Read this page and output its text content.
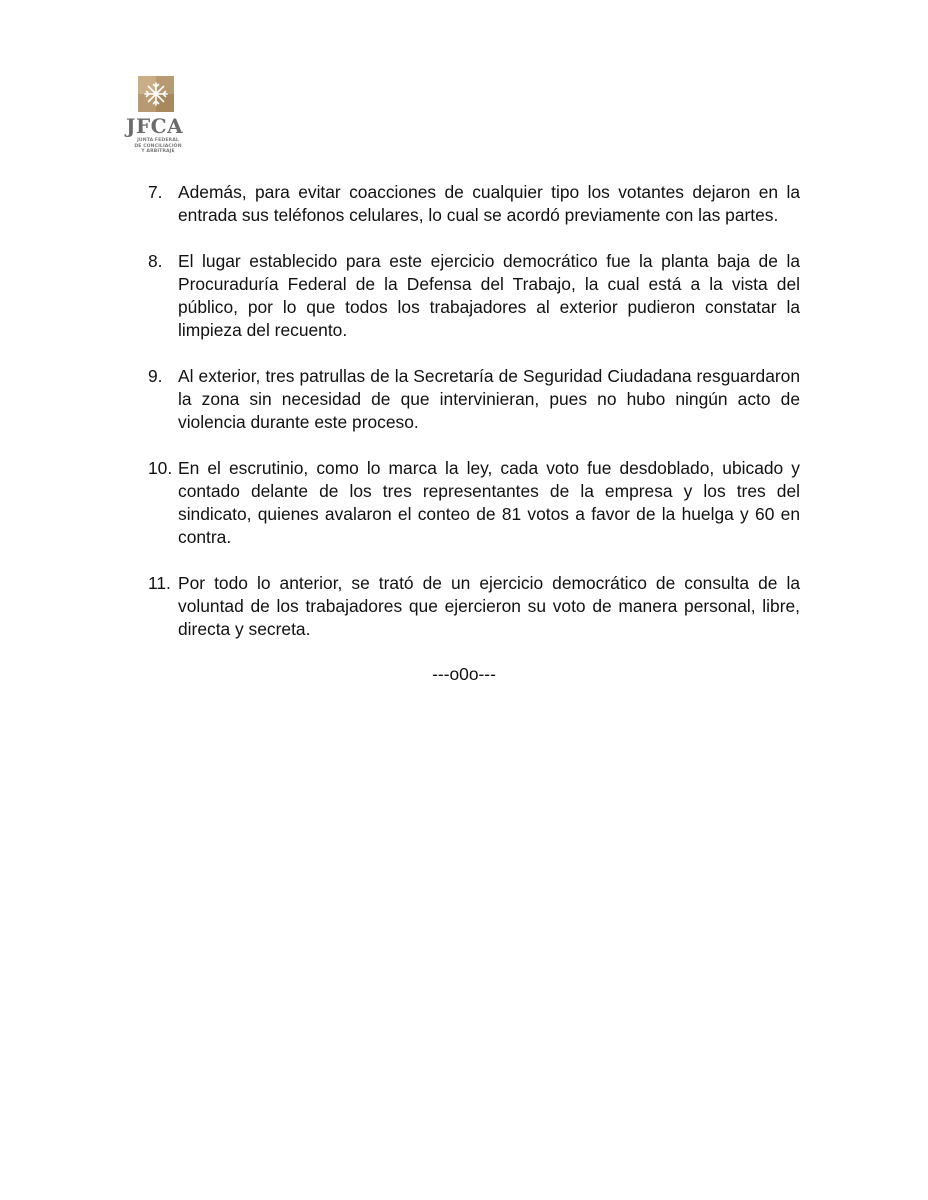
JFCA
JUNTA FEDERAL
DE CONCILIACIÓN
Y ARBITRAJE
7. Además, para evitar coacciones de cualquier tipo los votantes dejaron en la entrada sus teléfonos celulares, lo cual se acordó previamente con las partes.
8. El lugar establecido para este ejercicio democrático fue la planta baja de la Procuraduría Federal de la Defensa del Trabajo, la cual está a la vista del público, por lo que todos los trabajadores al exterior pudieron constatar la limpieza del recuento.
9. Al exterior, tres patrullas de la Secretaría de Seguridad Ciudadana resguardaron la zona sin necesidad de que intervinieran, pues no hubo ningún acto de violencia durante este proceso.
10. En el escrutinio, como lo marca la ley, cada voto fue desdoblado, ubicado y contado delante de los tres representantes de la empresa y los tres del sindicato, quienes avalaron el conteo de 81 votos a favor de la huelga y 60 en contra.
11. Por todo lo anterior, se trató de un ejercicio democrático de consulta de la voluntad de los trabajadores que ejercieron su voto de manera personal, libre, directa y secreta.
---o0o---
